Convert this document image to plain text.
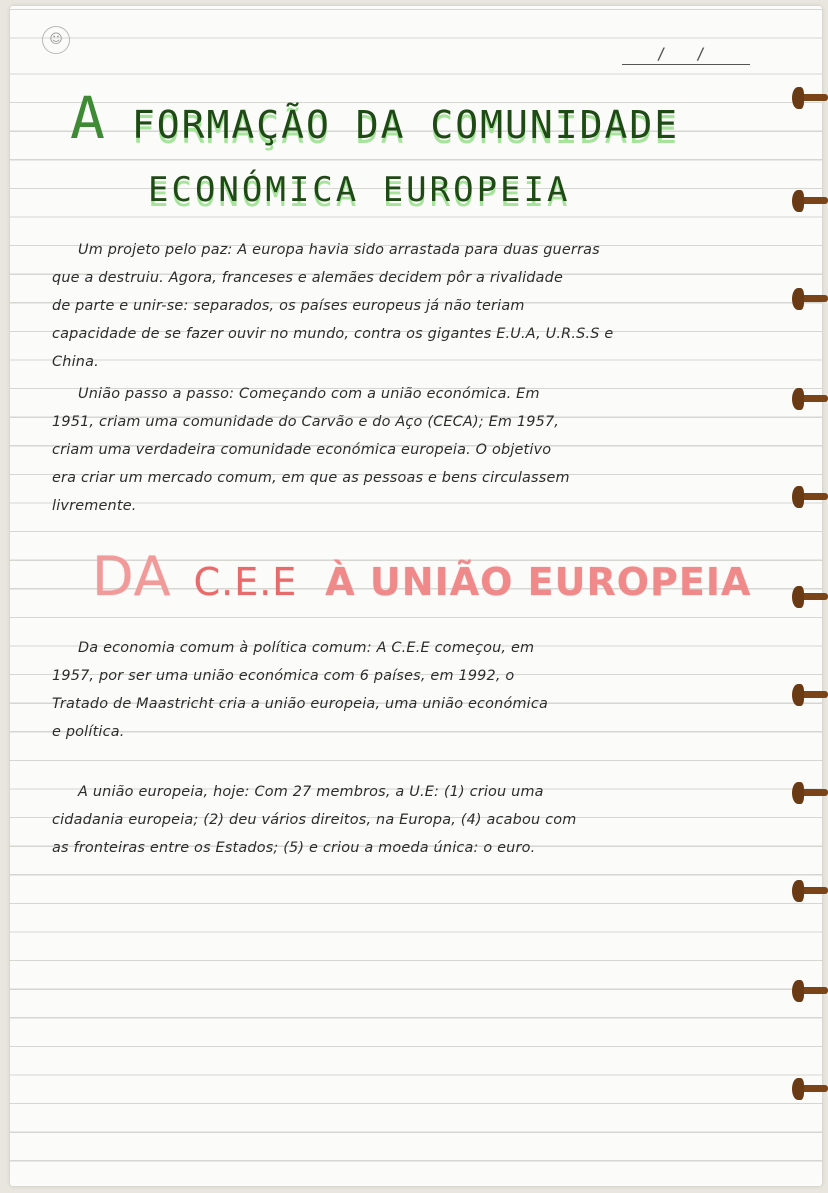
☺
/ /
A FORMAÇÃO DA COMUNIDADE
ECONÓMICA EUROPEIA
Um projeto pelo paz: A europa havia sido arrastada para duas guerras
que a destruiu. Agora, franceses e alemães decidem pôr a rivalidade
de parte e unir-se: separados, os países europeus já não teriam
capacidade de se fazer ouvir no mundo, contra os gigantes E.U.A, U.R.S.S e
China.
União passo a passo: Começando com a união económica. Em
1951, criam uma comunidade do Carvão e do Aço (CECA); Em 1957,
criam uma verdadeira comunidade económica europeia. O objetivo
era criar um mercado comum, em que as pessoas e bens circulassem
livremente.
DA C.E.E À UNIÃO EUROPEIA
Da economia comum à política comum: A C.E.E começou, em
1957, por ser uma união económica com 6 países, em 1992, o
Tratado de Maastricht cria a união europeia, uma união económica
e política.
A união europeia, hoje: Com 27 membros, a U.E: (1) criou uma
cidadania europeia; (2) deu vários direitos, na Europa, (4) acabou com
as fronteiras entre os Estados; (5) e criou a moeda única: o euro.
